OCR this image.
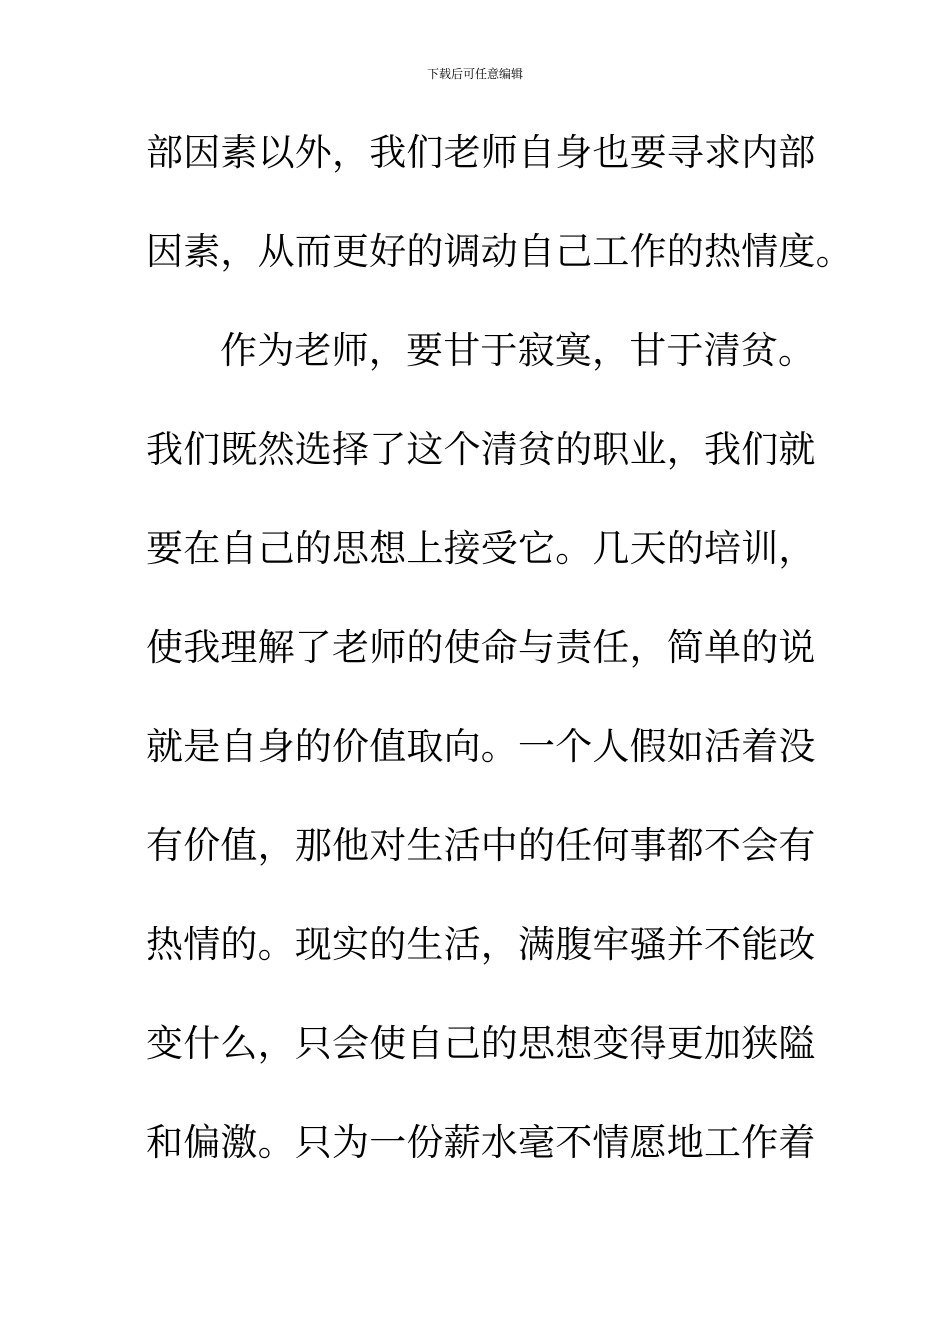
下载后可任意编辑
部因素以外，我们老师自身也要寻求内部
因素，从而更好的调动自己工作的热情度。
作为老师，要甘于寂寞，甘于清贫。
我们既然选择了这个清贫的职业，我们就
要在自己的思想上接受它。几天的培训，
使我理解了老师的使命与责任，简单的说
就是自身的价值取向。一个人假如活着没
有价值，那他对生活中的任何事都不会有
热情的。现实的生活，满腹牢骚并不能改
变什么，只会使自己的思想变得更加狭隘
和偏激。只为一份薪水毫不情愿地工作着
